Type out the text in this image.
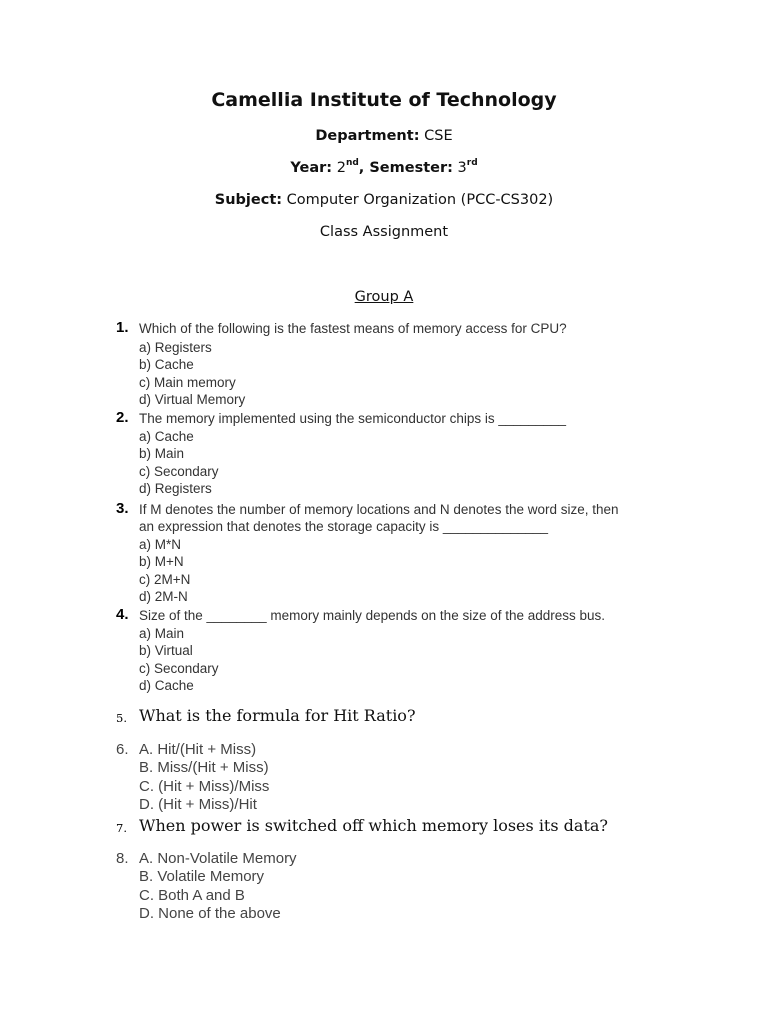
Camellia Institute of Technology
Department: CSE
Year: 2nd, Semester: 3rd
Subject: Computer Organization (PCC-CS302)
Class Assignment
Group A
1. Which of the following is the fastest means of memory access for CPU?
a) Registers
b) Cache
c) Main memory
d) Virtual Memory
2. The memory implemented using the semiconductor chips is _________
a) Cache
b) Main
c) Secondary
d) Registers
3. If M denotes the number of memory locations and N denotes the word size, then
an expression that denotes the storage capacity is ______________
a) M*N
b) M+N
c) 2M+N
d) 2M-N
4. Size of the ________ memory mainly depends on the size of the address bus.
a) Main
b) Virtual
c) Secondary
d) Cache
5. What is the formula for Hit Ratio?
6. A. Hit/(Hit + Miss)
B. Miss/(Hit + Miss)
C. (Hit + Miss)/Miss
D. (Hit + Miss)/Hit
7. When power is switched off which memory loses its data?
8. A. Non-Volatile Memory
B. Volatile Memory
C. Both A and B
D. None of the above
